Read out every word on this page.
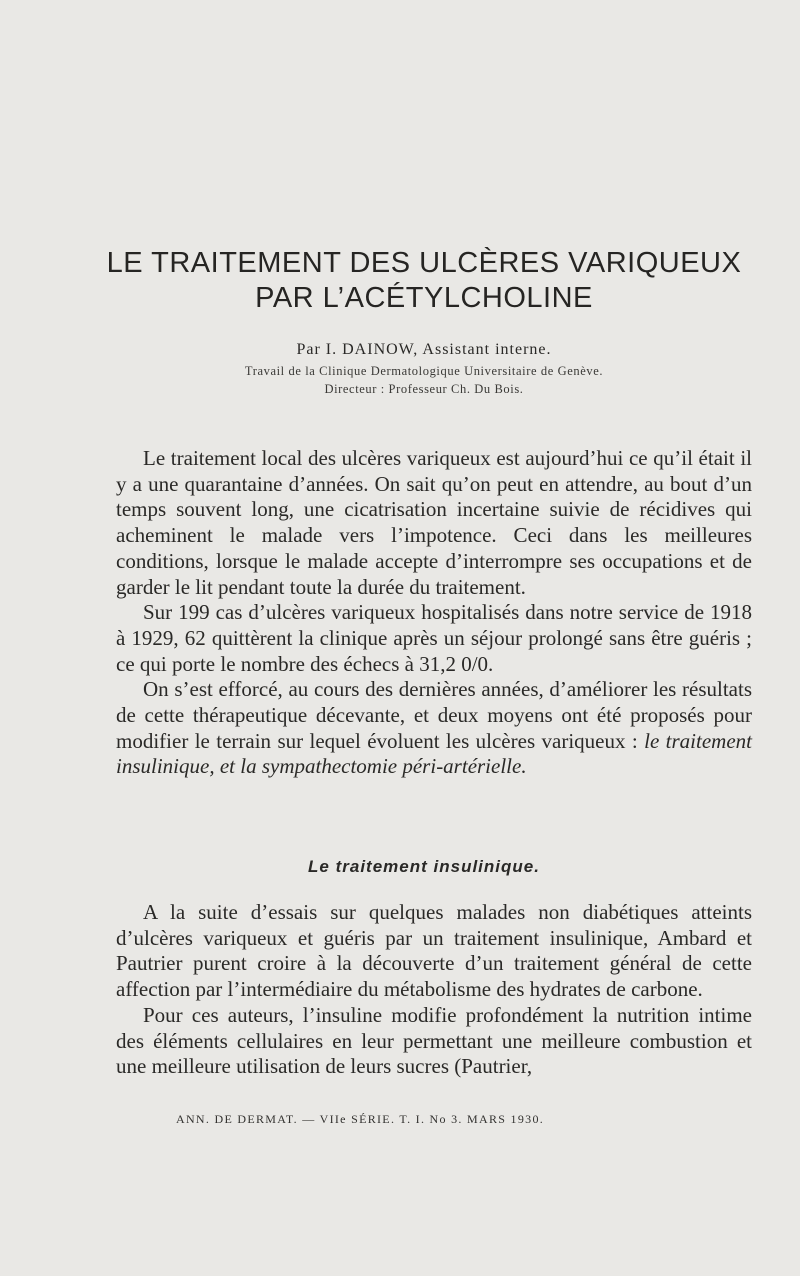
LE TRAITEMENT DES ULCÈRES VARIQUEUX
PAR L’ACÉTYLCHOLINE
Par I. DAINOW, Assistant interne.
Travail de la Clinique Dermatologique Universitaire de Genève.
Directeur : Professeur Ch. Du Bois.

Le traitement local des ulcères variqueux est aujourd’hui ce qu’il était il y a une quarantaine d’années. On sait qu’on peut en attendre, au bout d’un temps souvent long, une cicatrisation incertaine suivie de récidives qui acheminent le malade vers l’impotence. Ceci dans les meilleures conditions, lorsque le malade accepte d’interrompre ses occupations et de garder le lit pendant toute la durée du traitement.

Sur 199 cas d’ulcères variqueux hospitalisés dans notre service de 1918 à 1929, 62 quittèrent la clinique après un séjour prolongé sans être guéris ; ce qui porte le nombre des échecs à 31,2 0/0.

On s’est efforcé, au cours des dernières années, d’améliorer les résultats de cette thérapeutique décevante, et deux moyens ont été proposés pour modifier le terrain sur lequel évoluent les ulcères variqueux : le traitement insulinique, et la sympathectomie péri-artérielle.

Le traitement insulinique.

A la suite d’essais sur quelques malades non diabétiques atteints d’ulcères variqueux et guéris par un traitement insulinique, Ambard et Pautrier purent croire à la découverte d’un traitement général de cette affection par l’intermédiaire du métabolisme des hydrates de carbone.

Pour ces auteurs, l’insuline modifie profondément la nutrition intime des éléments cellulaires en leur permettant une meilleure combustion et une meilleure utilisation de leurs sucres (Pautrier,

ANN. DE DERMAT. — VIIe SÉRIE. T. I. No 3. MARS 1930.
